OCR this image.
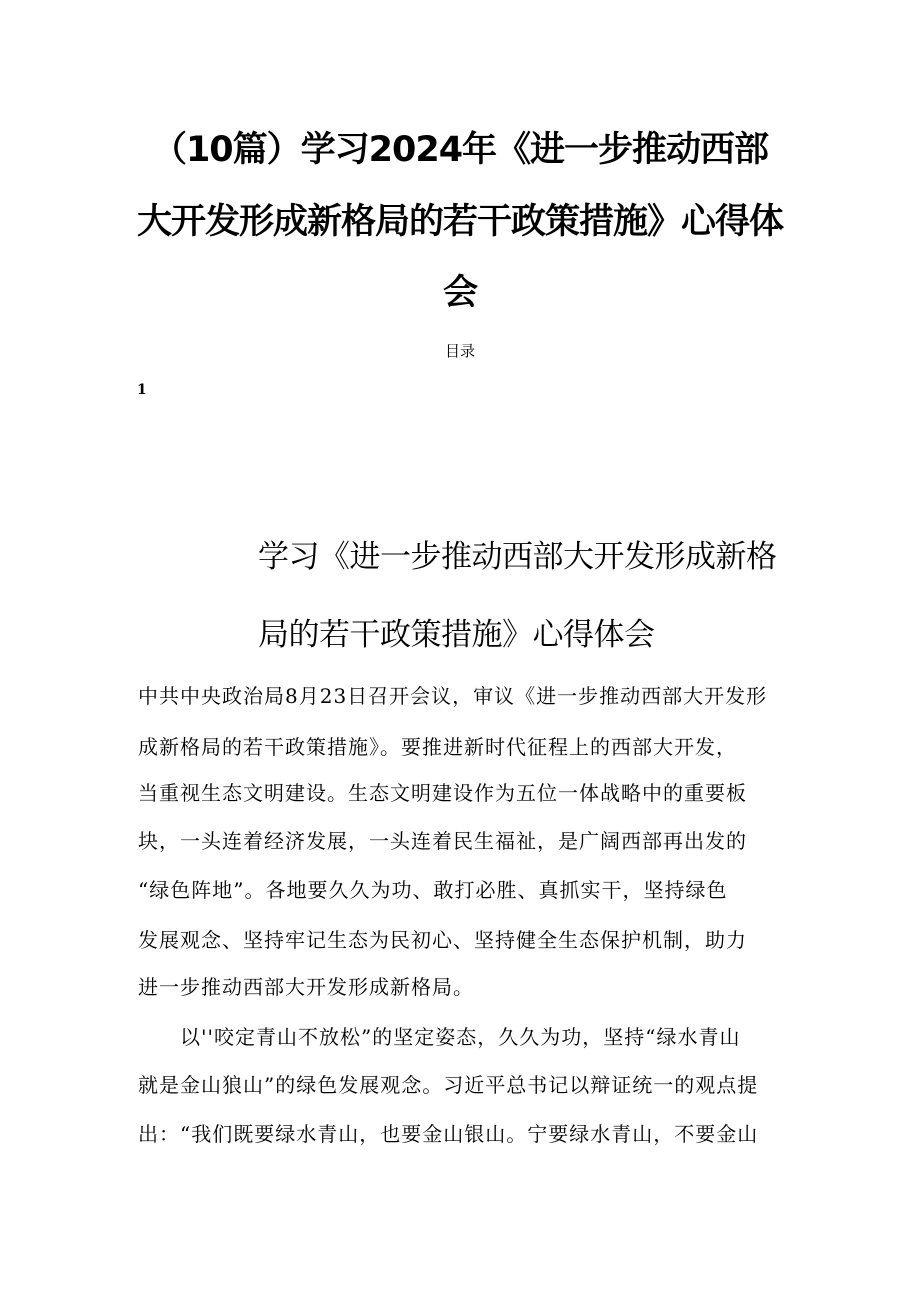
（10篇）学习2024年《进一步推动西部
大开发形成新格局的若干政策措施》心得体
会
目录
1
学习《进一步推动西部大开发形成新格
局的若干政策措施》心得体会
中共中央政治局8月23日召开会议，审议《进一步推动西部大开发形
成新格局的若干政策措施》。要推进新时代征程上的西部大开发，
当重视生态文明建设。生态文明建设作为五位一体战略中的重要板
块，一头连着经济发展，一头连着民生福祉，是广阔西部再出发的
“绿色阵地”。各地要久久为功、敢打必胜、真抓实干，坚持绿色
发展观念、坚持牢记生态为民初心、坚持健全生态保护机制，助力
进一步推动西部大开发形成新格局。
以''咬定青山不放松”的坚定姿态，久久为功，坚持“绿水青山
就是金山狼山”的绿色发展观念。习近平总书记以辩证统一的观点提
出：“我们既要绿水青山，也要金山银山。宁要绿水青山，不要金山
